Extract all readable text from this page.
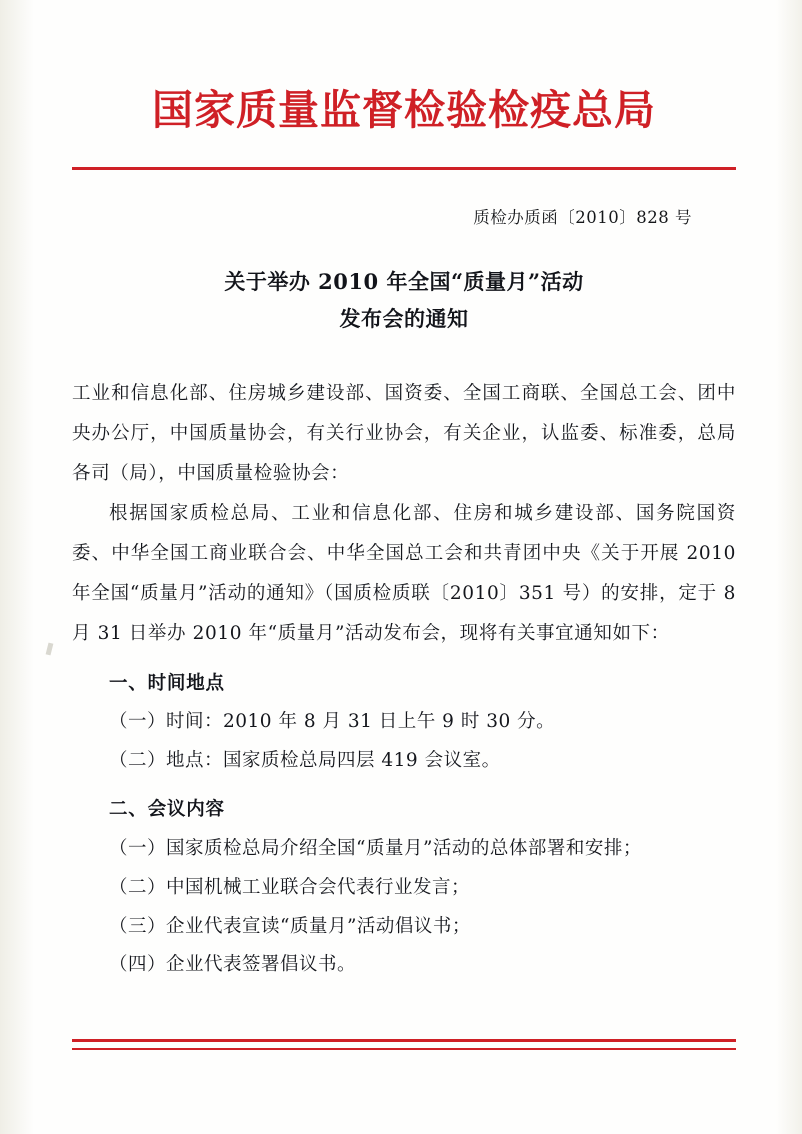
国家质量监督检验检疫总局
质检办质函〔2010〕828 号
关于举办 2010 年全国“质量月”活动
发布会的通知
工业和信息化部、住房城乡建设部、国资委、全国工商联、全国总工会、团中央办公厅，中国质量协会，有关行业协会，有关企业，认监委、标准委，总局各司（局），中国质量检验协会：
根据国家质检总局、工业和信息化部、住房和城乡建设部、国务院国资委、中华全国工商业联合会、中华全国总工会和共青团中央《关于开展 2010 年全国“质量月”活动的通知》（国质检质联〔2010〕351 号）的安排，定于 8 月 31 日举办 2010 年“质量月”活动发布会，现将有关事宜通知如下：
一、时间地点
（一）时间：2010 年 8 月 31 日上午 9 时 30 分。
（二）地点：国家质检总局四层 419 会议室。
二、会议内容
（一）国家质检总局介绍全国“质量月”活动的总体部署和安排；
（二）中国机械工业联合会代表行业发言；
（三）企业代表宣读“质量月”活动倡议书；
（四）企业代表签署倡议书。
